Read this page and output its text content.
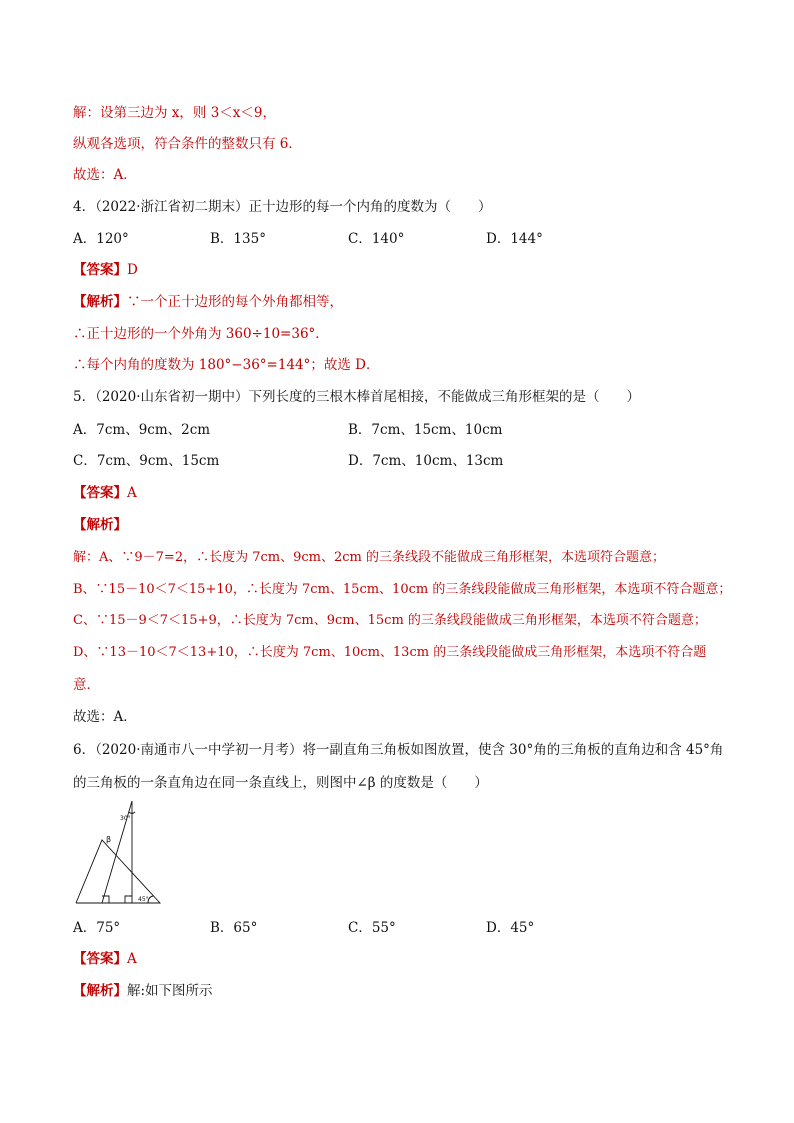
解：设第三边为 x，则 3＜x＜9，
纵观各选项，符合条件的整数只有 6．
故选：A．
4．（2022·浙江省初二期末）正十边形的每一个内角的度数为（　　）
A．120°	B．135°	C．140°	D．144°
【答案】D
【解析】∵一个正十边形的每个外角都相等，
∴正十边形的一个外角为 360÷10=36°．
∴每个内角的度数为 180°−36°=144°；故选 D．
5．（2020·山东省初一期中）下列长度的三根木棒首尾相接，不能做成三角形框架的是（　　）
A．7cm、9cm、2cm	B．7cm、15cm、10cm
C．7cm、9cm、15cm	D．7cm、10cm、13cm
【答案】A
【解析】
解：A、∵9－7=2，∴长度为 7cm、9cm、2cm 的三条线段不能做成三角形框架，本选项符合题意；
B、∵15－10＜7＜15+10，∴长度为 7cm、15cm、10cm 的三条线段能做成三角形框架，本选项不符合题意；
C、∵15－9＜7＜15+9，∴长度为 7cm、9cm、15cm 的三条线段能做成三角形框架，本选项不符合题意；
D、∵13－10＜7＜13+10，∴长度为 7cm、10cm、13cm 的三条线段能做成三角形框架，本选项不符合题
意．
故选：A．
6．（2020·南通市八一中学初一月考）将一副直角三角板如图放置，使含 30°角的三角板的直角边和含 45°角
的三角板的一条直角边在同一条直线上，则图中∠β 的度数是（　　）
β
30°
45°
A．75°	B．65°	C．55°	D．45°
【答案】A
【解析】解:如下图所示
